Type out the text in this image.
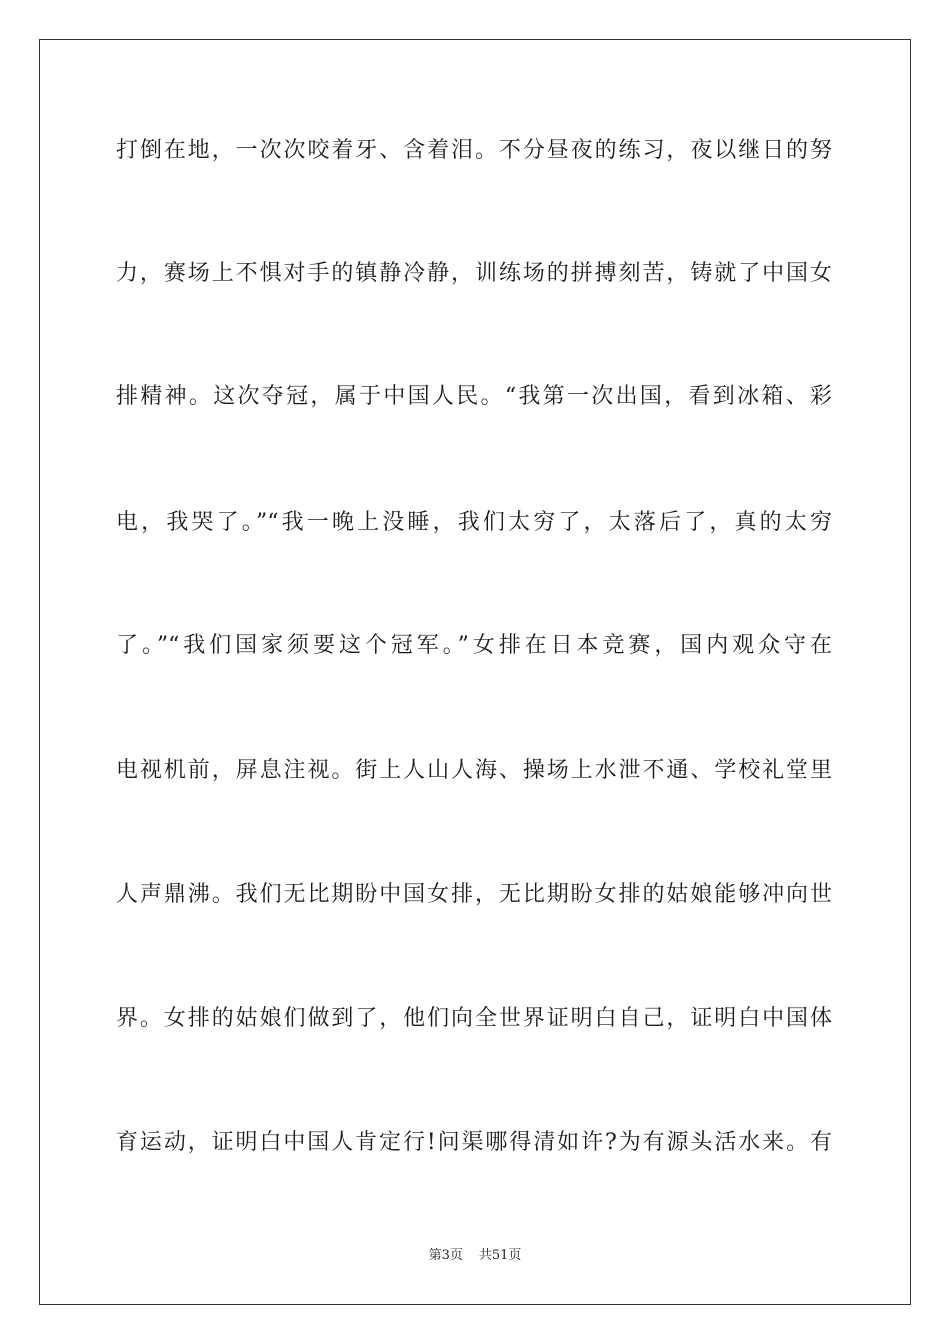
打倒在地，一次次咬着牙、含着泪。不分昼夜的练习，夜以继日的努
力，赛场上不惧对手的镇静冷静，训练场的拼搏刻苦，铸就了中国女
排精神。这次夺冠，属于中国人民。“我第一次出国，看到冰箱、彩
电，我哭了。”“我一晚上没睡，我们太穷了，太落后了，真的太穷
了。”“我们国家须要这个冠军。”女排在日本竞赛，国内观众守在
电视机前，屏息注视。街上人山人海、操场上水泄不通、学校礼堂里
人声鼎沸。我们无比期盼中国女排，无比期盼女排的姑娘能够冲向世
界。女排的姑娘们做到了，他们向全世界证明白自己，证明白中国体
育运动，证明白中国人肯定行!问渠哪得清如许?为有源头活水来。有
第3页 共51页
